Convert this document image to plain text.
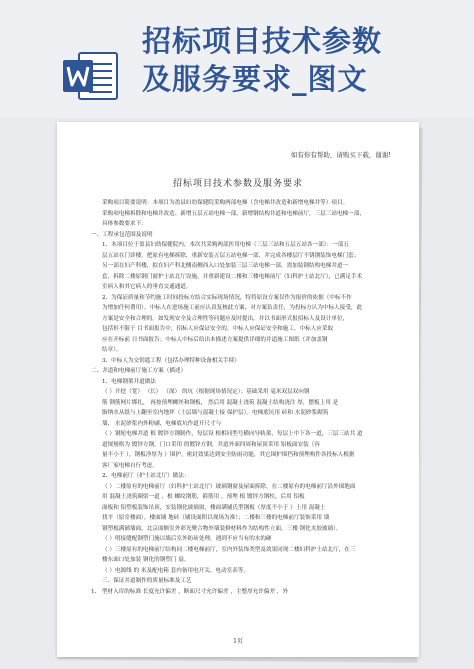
招标项目技术参数
及服务要求_图文
如有你有帮助，请购买下载，谢谢!
招标项目技术参数及服务要求
采购项目简要说明：本项目为盈县妇幼保健院采购两部电梯（含电梯井改造和新增电梯井等）项目。
采购项电梯拆除和电梯井改造、新增五层五站电梯一部，新增钢结构井道和电梯前厅，三层三站电梯一部，
具体参数要求下：
一、工程承包范围及说明
1、本项目位于盈县妇幼保健院内，本次共采购两部医用电梯（三层三站和五层五站各一部）：一部五
层五站在门诊楼，把原有电梯拆除，重新安装五层五站电梯一部，并完成各楼层厅不锈钢装饰电梯门套；
另一部在妇产科楼，拟在妇产科北侧南侧西入口处加装三层三站电梯一部，需加装钢结构电梯井道一
套，拆除二楼原钢门窗护士站北厅设施，并重新建设二楼和三楼电梯前厅（妇科护士站北厅），已满足手术
室病人和其它病人的垂直交通通道。
2、为保证质量和节约施工时间投标方结合实际现场情况，特将原设方案仅作为报价的依据（中标不作
为增加任何费用）。中标人在进场施工前应认真复核此方案，对方案负责任，为投标方认为中标人接受，此
方案是安全和合理的。如发现安全及合理性等问题应及时提出，并以书面形式报招标人及设计单位，
包括但不限于 目书面报告中，招标人应保证安全的，中标人应保证安全和施工，中标人应采取
应在开标前 日书面报告；中标人中标后给出本描述方案提供详细的并道施工图纸（并加盖钢
结章）。
3、中标人为交钥匙工程（包括办理特种设备相关手续）
二、井道和电梯前厅施工方案（描述）
1、电梯钢架井道做法
（ ）开挖（宽） （长） （深） 的坑（根据现场情况定）；基础采用 毫米双层双向钢
筋 钢筋网片绑扎， 再按预埋螺丝和钢板， 然后用 混凝土浇筑 混凝土结构浇注 厚，摆板上用 是
脂纳水从纸与上翻至室内地坪（土层墙与混凝土接 保护层）。电梯底坑用 砖和 水泥砂浆砌筑
墙， 水泥砂浆内外粉刷，电梯底坑作道开尺寸与
（ ）钢轮电梯井道 根 镀锌方钢制作，每层设 根相同型号横向导轨架，每层上中下各一道，三层三站共 道
道规规格为 镀锌方钢，门口采用 的镀锌方钢，井道外面四周和屋顶采用 铝板面安装（容
量不小于 ），钢板净厚为 ）围护，密封效果达到安全防雨功能，其它围护围挡和预埋构件各投标人根据
客厂家电梯自行考虑。
2、电梯前厅（护士站北厅）做法：
（ ）二楼原有的电梯前厅（妇科护士站北厅）玻璃钢窗及屋面拆除，在二楼原有的电梯前厅沿外围地面
用 混凝土浇筑圈梁一道 ，根 螺纹钢筋，箍筋用 ，预埋 根 镀锌方钢柱，后用 铝板
面板和 铝塑板装饰吊顶，安装钢化玻璃窗，楼面满铺氏型钢板（厚度不小于 ）上用 混凝土
找平（原室楼面），楼面铺 地砖（铺设面积以现场为准）；二楼和三楼的电梯前厅装饰采用 墙
钢塑板满铺墙面，北京面额室外彩光聚合物外墙装修材料作为结构性立面，三楼 钢化夹胶玻璃）。
（ ）明接缝配钢塑门施以墙后室外防砖处理，遇到不应当有的水的砸
（ ）三楼原有的电梯前厅结构同二楼电梯前厅，室内外装饰类型及效果同现二楼妇科护士站北厅，在三
楼东面口处加装 钢化的钢塑门 扇。
（ ）电源线 的 米及配电箱 套内备用电开关、电动室表等。
三、保证并道制作的质量标准及工艺
1、 型材入库的标准 长度允许偏差 ，断面尺寸允许偏差 ，主整厚允许偏差 ，外
1页
